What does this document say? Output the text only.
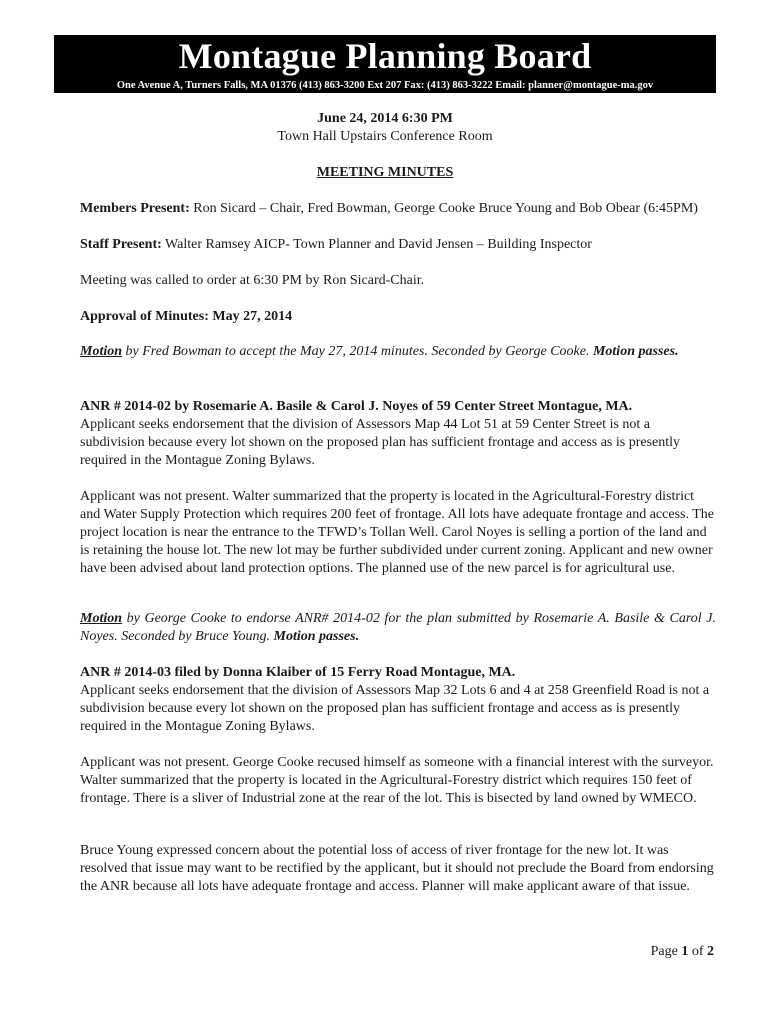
Montague Planning Board
One Avenue A, Turners Falls, MA 01376 (413) 863-3200 Ext 207 Fax: (413) 863-3222 Email: planner@montague-ma.gov
June 24, 2014 6:30 PM
Town Hall Upstairs Conference Room
MEETING MINUTES
Members Present: Ron Sicard – Chair, Fred Bowman, George Cooke Bruce Young and Bob Obear (6:45PM)
Staff Present: Walter Ramsey AICP- Town Planner and David Jensen – Building Inspector
Meeting was called to order at 6:30 PM by Ron Sicard-Chair.
Approval of Minutes: May 27, 2014
Motion by Fred Bowman to accept the May 27, 2014 minutes. Seconded by George Cooke. Motion passes.
ANR # 2014-02 by Rosemarie A. Basile & Carol J. Noyes of 59 Center Street Montague, MA.
Applicant seeks endorsement that the division of Assessors Map 44 Lot 51 at 59 Center Street is not a subdivision because every lot shown on the proposed plan has sufficient frontage and access as is presently required in the Montague Zoning Bylaws.
Applicant was not present. Walter summarized that the property is located in the Agricultural-Forestry district and Water Supply Protection which requires 200 feet of frontage. All lots have adequate frontage and access. The project location is near the entrance to the TFWD’s Tollan Well. Carol Noyes is selling a portion of the land and is retaining the house lot. The new lot may be further subdivided under current zoning. Applicant and new owner have been advised about land protection options. The planned use of the new parcel is for agricultural use.
Motion by George Cooke to endorse ANR# 2014-02 for the plan submitted by Rosemarie A. Basile & Carol J. Noyes. Seconded by Bruce Young. Motion passes.
ANR # 2014-03 filed by Donna Klaiber of 15 Ferry Road Montague, MA.
Applicant seeks endorsement that the division of Assessors Map 32 Lots 6 and 4 at 258 Greenfield Road is not a subdivision because every lot shown on the proposed plan has sufficient frontage and access as is presently required in the Montague Zoning Bylaws.
Applicant was not present. George Cooke recused himself as someone with a financial interest with the surveyor. Walter summarized that the property is located in the Agricultural-Forestry district which requires 150 feet of frontage. There is a sliver of Industrial zone at the rear of the lot. This is bisected by land owned by WMECO.
Bruce Young expressed concern about the potential loss of access of river frontage for the new lot. It was resolved that issue may want to be rectified by the applicant, but it should not preclude the Board from endorsing the ANR because all lots have adequate frontage and access. Planner will make applicant aware of that issue.
Page 1 of 2
